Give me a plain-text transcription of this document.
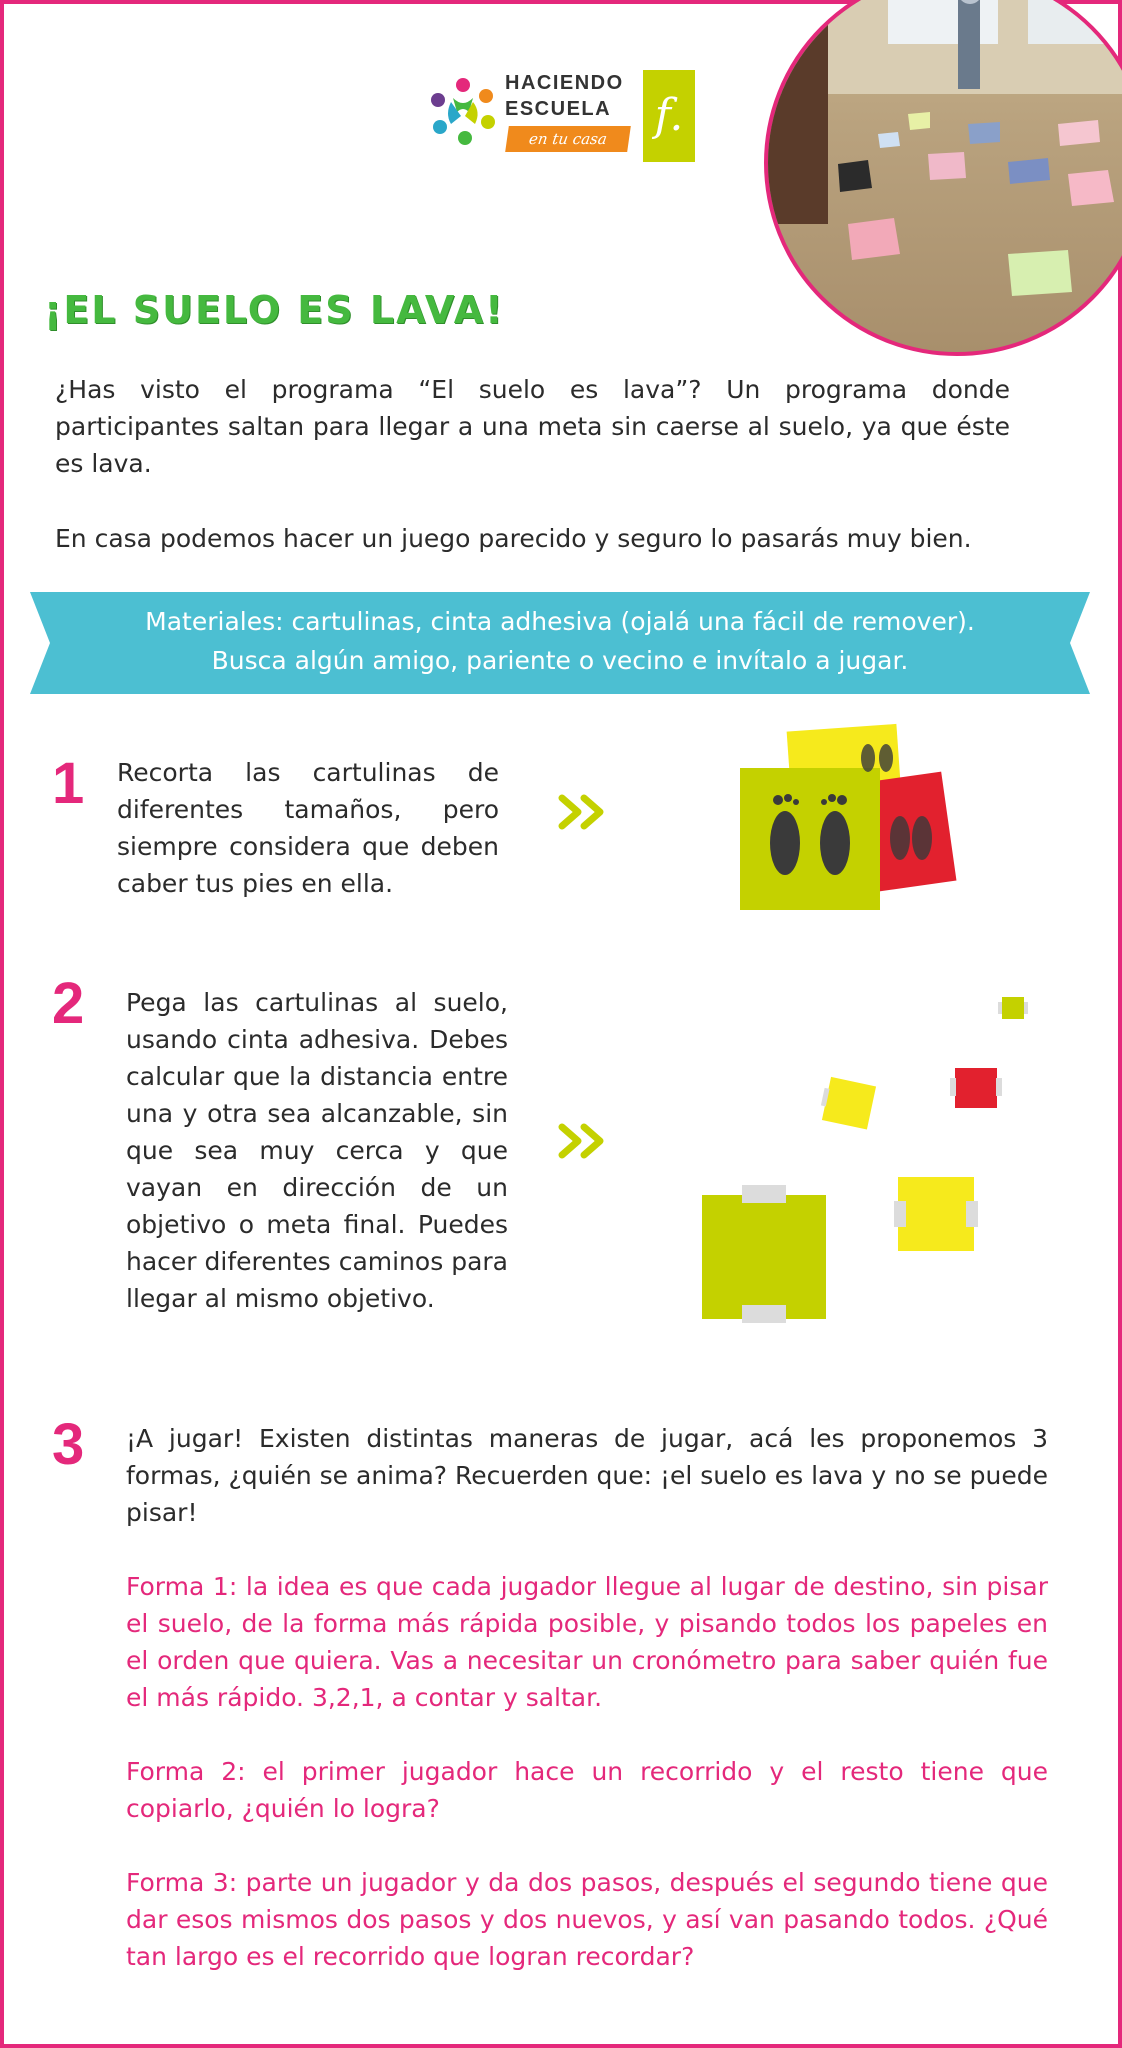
HACIENDO
ESCUELA
en tu casa	f.
¡EL SUELO ES LAVA!
¿Has visto el programa “El suelo es lava”? Un programa donde participantes saltan para llegar a una meta sin caerse al suelo, ya que éste es lava.
En casa podemos hacer un juego parecido y seguro lo pasarás muy bien.
Materiales: cartulinas, cinta adhesiva (ojalá una fácil de remover).
Busca algún amigo, pariente o vecino e invítalo a jugar.
1 Recorta las cartulinas de diferentes tamaños, pero siempre considera que deben caber tus pies en ella.
2 Pega las cartulinas al suelo, usando cinta adhesiva. Debes calcular que la distancia entre una y otra sea alcanzable, sin que sea muy cerca y que vayan en dirección de un objetivo o meta final. Puedes hacer diferentes caminos para llegar al mismo objetivo.
3 ¡A jugar! Existen distintas maneras de jugar, acá les proponemos 3 formas, ¿quién se anima? Recuerden que: ¡el suelo es lava y no se puede pisar!
Forma 1: la idea es que cada jugador llegue al lugar de destino, sin pisar el suelo, de la forma más rápida posible, y pisando todos los papeles en el orden que quiera. Vas a necesitar un cronómetro para saber quién fue el más rápido. 3,2,1, a contar y saltar.
Forma 2: el primer jugador hace un recorrido y el resto tiene que copiarlo, ¿quién lo logra?
Forma 3: parte un jugador y da dos pasos, después el segundo tiene que dar esos mismos dos pasos y dos nuevos, y así van pasando todos. ¿Qué tan largo es el recorrido que logran recordar?
